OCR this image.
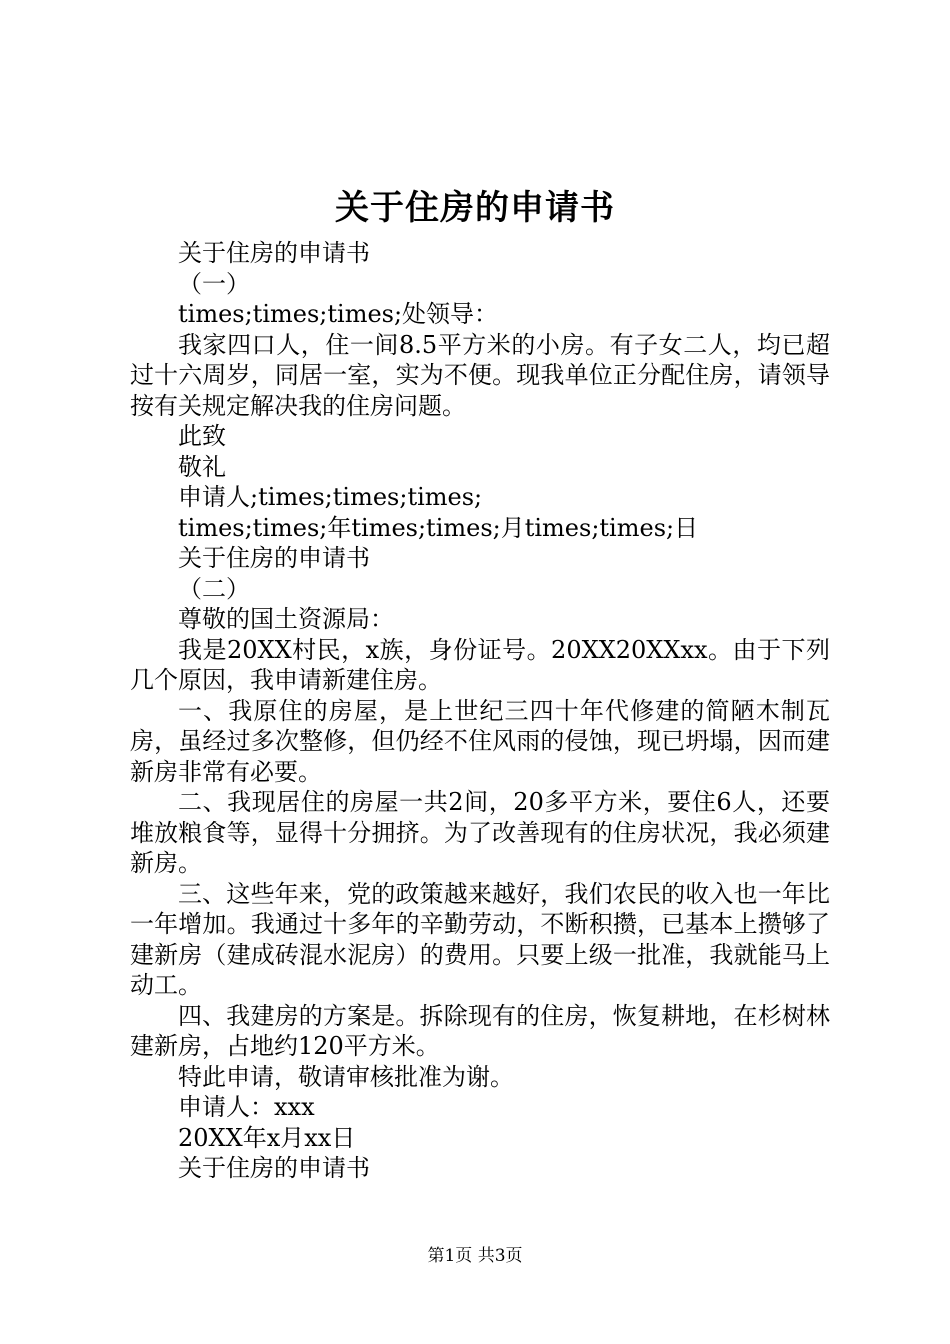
关于住房的申请书

关于住房的申请书

（一）

times;times;times;处领导：

我家四口人，住一间8.5平方米的小房。有子女二人，均已超过十六周岁，同居一室，实为不便。现我单位正分配住房，请领导按有关规定解决我的住房问题。

此致

敬礼

申请人;times;times;times;

times;times;年times;times;月times;times;日

关于住房的申请书

（二）

尊敬的国土资源局：

我是20XX村民，x族，身份证号。20XX20XXxx。由于下列几个原因，我申请新建住房。

一、我原住的房屋，是上世纪三四十年代修建的简陋木制瓦房，虽经过多次整修，但仍经不住风雨的侵蚀，现已坍塌，因而建新房非常有必要。

二、我现居住的房屋一共2间，20多平方米，要住6人，还要堆放粮食等，显得十分拥挤。为了改善现有的住房状况，我必须建新房。

三、这些年来，党的政策越来越好，我们农民的收入也一年比一年增加。我通过十多年的辛勤劳动，不断积攒，已基本上攒够了建新房（建成砖混水泥房）的费用。只要上级一批准，我就能马上动工。

四、我建房的方案是。拆除现有的住房，恢复耕地，在杉树林建新房，占地约120平方米。

特此申请，敬请审核批准为谢。

申请人：xxx

20XX年x月xx日

关于住房的申请书

第1页 共3页
